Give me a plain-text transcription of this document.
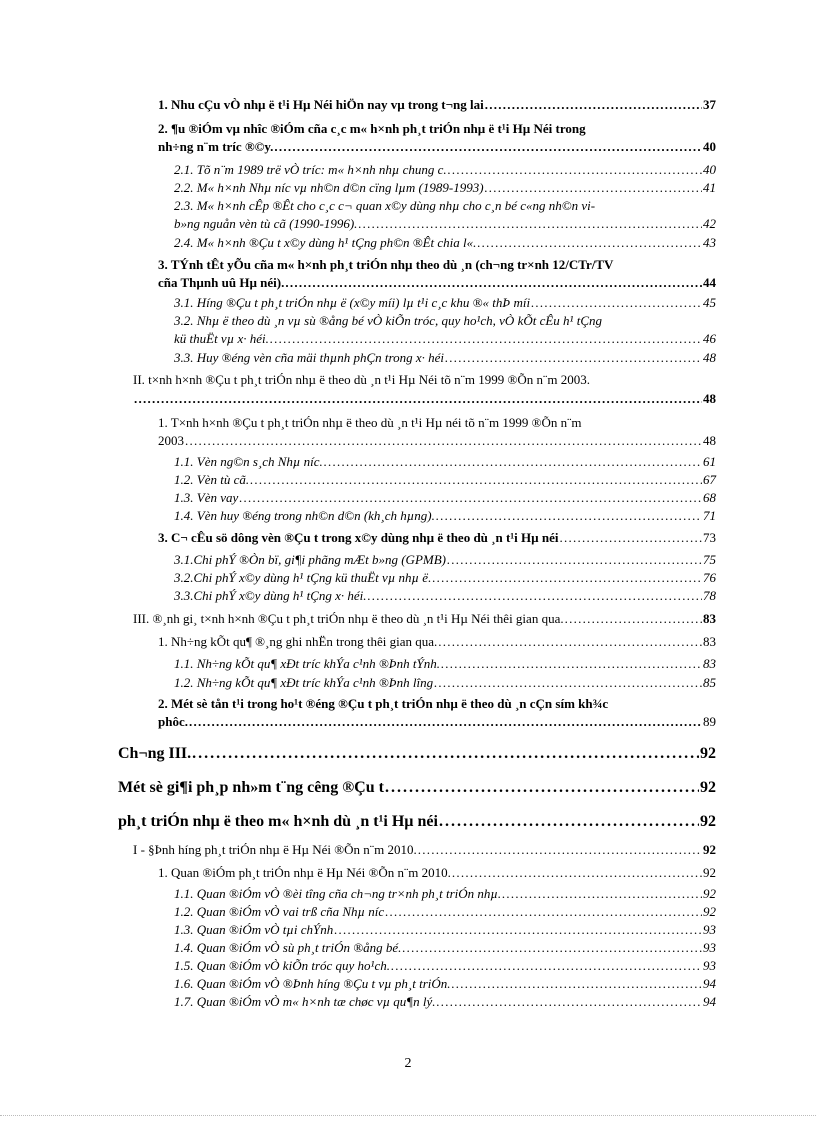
1. Nhu cÇu vÒ nhµ ë t¹i Hµ Néi hiÖn nay vµ trong t¬ng lai . . .	37
2. ¶u ®iÓm vµ nhîc ®iÓm cña c¸c m« h×nh ph¸t triÓn nhµ ë t¹i Hµ Néi trong
nh÷ng n¨m tríc ®©y. . . .	40
2.1. Tõ n¨m 1989 trë vÒ tríc: m« h×nh nhµ chung c. . . .	40
2.2. M« h×nh Nhµ níc vµ nh©n d©n cïng lµm (1989-1993) . . .	41
2.3. M« h×nh cÊp ®Êt cho c¸c c¬ quan x©y dùng nhµ cho c¸n bé c«ng nh©n vi-
b»ng nguån vèn tù cã (1990-1996). . . .	42
2.4. M« h×nh ®Çu t x©y dùng h¹ tÇng ph©n ®Êt chia l«. . . .	43
3. TÝnh tÊt yÕu cña m« h×nh ph¸t triÓn nhµ theo dù ¸n (ch¬ng tr×nh 12/CTr/TV
cña Thµnh uû Hµ néi). . . .	44
3.1. Híng ®Çu t ph¸t triÓn nhµ ë (x©y míi) lµ t¹i c¸c khu ®« thÞ míi . . .	45
3.2. Nhµ ë theo dù ¸n vµ sù ®ång bé vÒ kiÕn tróc, quy ho¹ch, vÒ kÕt cÊu h¹ tÇng
kü thuËt vµ x· héi. . . .	46
3.3. Huy ®éng vèn cña mäi thµnh phÇn trong x· héi . . .	48
II. t×nh h×nh ®Çu t ph¸t triÓn nhµ ë theo dù ¸n t¹i Hµ Néi tõ n¨m 1999 ®Õn n¨m 2003.
. . .
48
1. T×nh h×nh ®Çu t ph¸t triÓn nhµ ë theo dù ¸n t¹i Hµ néi tõ n¨m 1999 ®Õn n¨m
2003 . . .	48
1.1. Vèn ng©n s¸ch Nhµ níc. . . .	61
1.2. Vèn tù cã. . . .	67
1.3. Vèn vay . . .	68
1.4. Vèn huy ®éng trong nh©n d©n (kh¸ch hµng). . . .	71
3. C¬ cÊu sö dông vèn ®Çu t trong x©y dùng nhµ ë theo dù ¸n t¹i Hµ néi . . .	73
3.1.Chi phÝ ®Òn bï, gi¶i phãng mÆt b»ng (GPMB) . . .	75
3.2.Chi phÝ x©y dùng h¹ tÇng kü thuËt vµ nhµ ë. . . .	76
3.3.Chi phÝ x©y dùng h¹ tÇng x· héi. . . .	78
III. ®¸nh gi¸ t×nh h×nh ®Çu t ph¸t triÓn nhµ ë theo dù ¸n t¹i Hµ Néi thêi gian qua. . . .	83
1. Nh÷ng kÕt qu¶ ®¸ng ghi nhËn trong thêi gian qua. . . .	83
1.1. Nh÷ng kÕt qu¶ xÐt tríc khÝa c¹nh ®Þnh tÝnh. . . .	83
1.2. Nh÷ng kÕt qu¶ xÐt tríc khÝa c¹nh ®Þnh lîng . . .	85
2. Mét sè tån t¹i trong ho¹t ®éng ®Çu t ph¸t triÓn nhµ ë theo dù ¸n cÇn sím kh¾c
phôc. . . .	89
Ch¬ng III. . . .	92
Mét sè gi¶i ph¸p nh»m t¨ng cêng ®Çu t . . .	92
ph¸t triÓn nhµ ë theo m« h×nh dù ¸n t¹i Hµ néi . . .	92
I - §Þnh híng ph¸t triÓn nhµ ë Hµ Néi ®Õn n¨m 2010. . . .	92
1. Quan ®iÓm ph¸t triÓn nhµ ë Hµ Néi ®Õn n¨m 2010. . . .	92
1.1. Quan ®iÓm vÒ ®èi tîng cña ch¬ng tr×nh ph¸t triÓn nhµ. . . .	92
1.2. Quan ®iÓm vÒ vai trß cña Nhµ níc . . .	92
1.3. Quan ®iÓm vÒ tµi chÝnh . . .	93
1.4. Quan ®iÓm vÒ sù ph¸t triÓn ®ång bé. . . .	93
1.5. Quan ®iÓm vÒ kiÕn tróc quy ho¹ch. . . .	93
1.6. Quan ®iÓm vÒ ®Þnh híng ®Çu t vµ ph¸t triÓn. . . .	94
1.7. Quan ®iÓm vÒ m« h×nh tæ chøc vµ qu¶n lý. . . .	94
2
